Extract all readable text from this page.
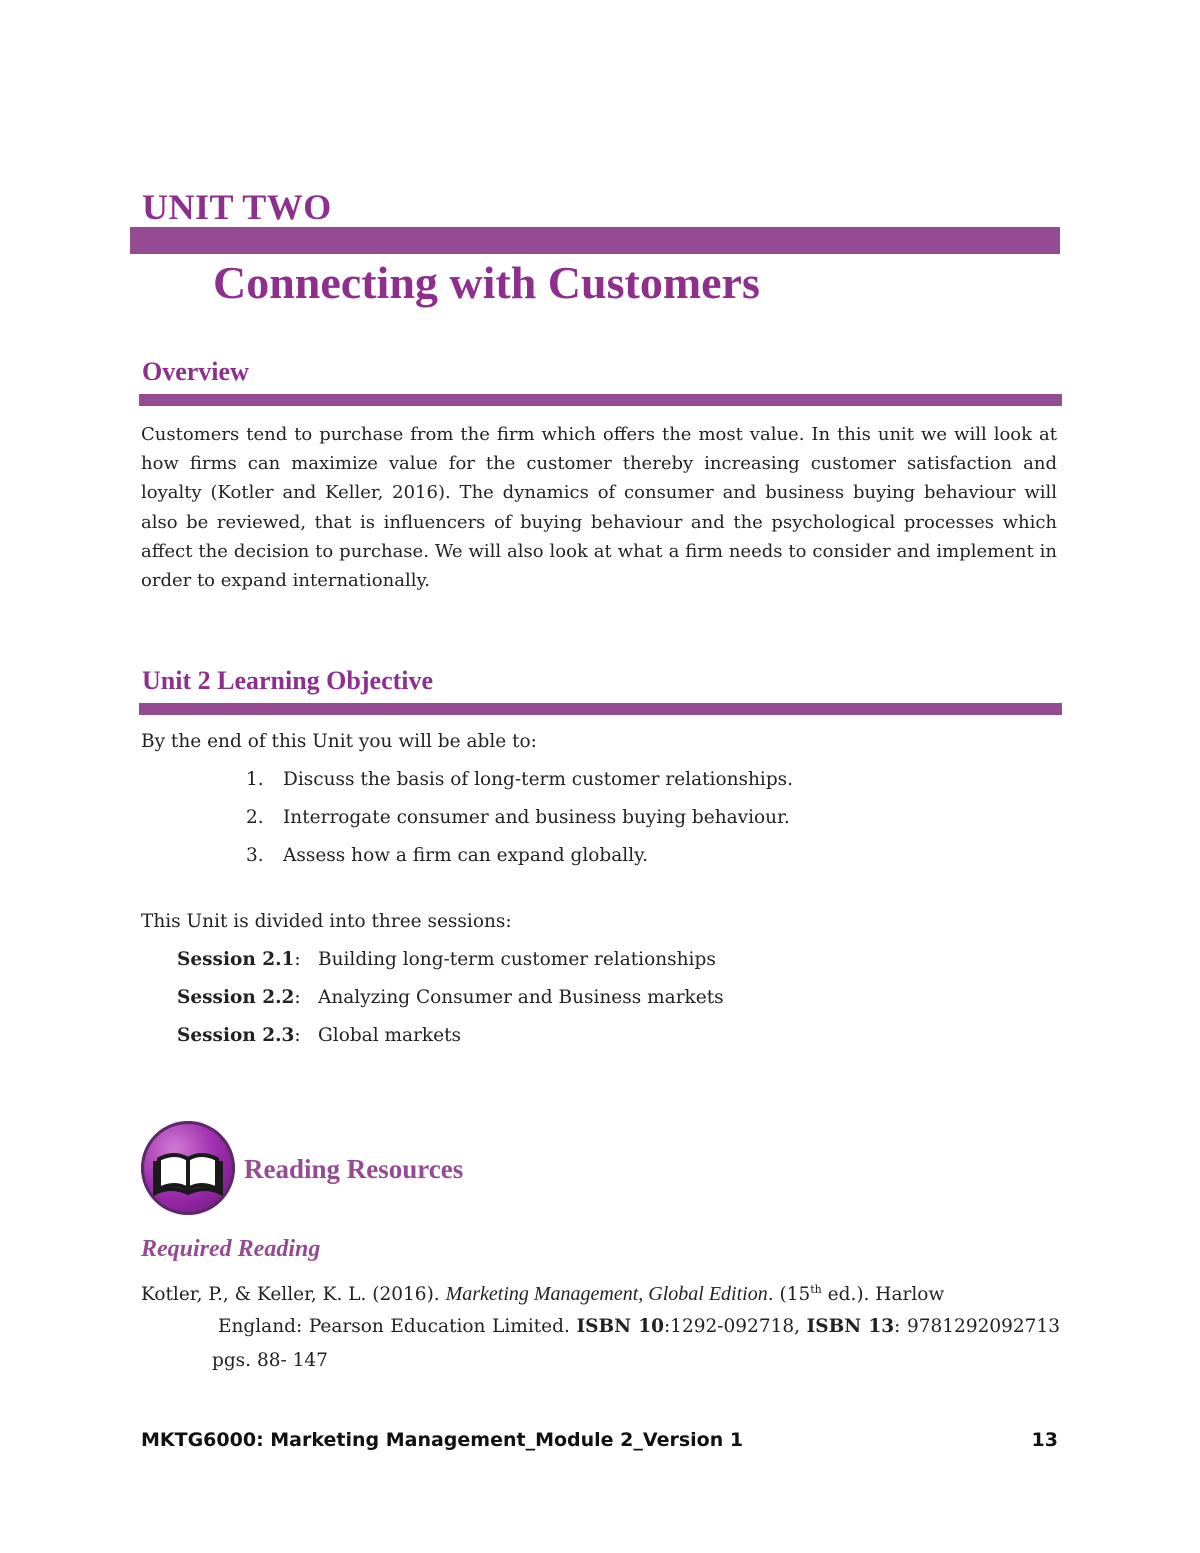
UNIT TWO
Connecting with Customers
Overview
Customers tend to purchase from the firm which offers the most value. In this unit we will look at how firms can maximize value for the customer thereby increasing customer satisfaction and loyalty (Kotler and Keller, 2016). The dynamics of consumer and business buying behaviour will also be reviewed, that is influencers of buying behaviour and the psychological processes which affect the decision to purchase. We will also look at what a firm needs to consider and implement in order to expand internationally.
Unit 2 Learning Objective
By the end of this Unit you will be able to:
1. Discuss the basis of long-term customer relationships.
2. Interrogate consumer and business buying behaviour.
3. Assess how a firm can expand globally.
This Unit is divided into three sessions:
Session 2.1: Building long-term customer relationships
Session 2.2: Analyzing Consumer and Business markets
Session 2.3: Global markets
Reading Resources
Required Reading
Kotler, P., & Keller, K. L. (2016). Marketing Management, Global Edition. (15th ed.). Harlow
England: Pearson Education Limited. ISBN 10:1292-092718, ISBN 13: 9781292092713
pgs. 88- 147
MKTG6000: Marketing Management_Module 2_Version 1	13
